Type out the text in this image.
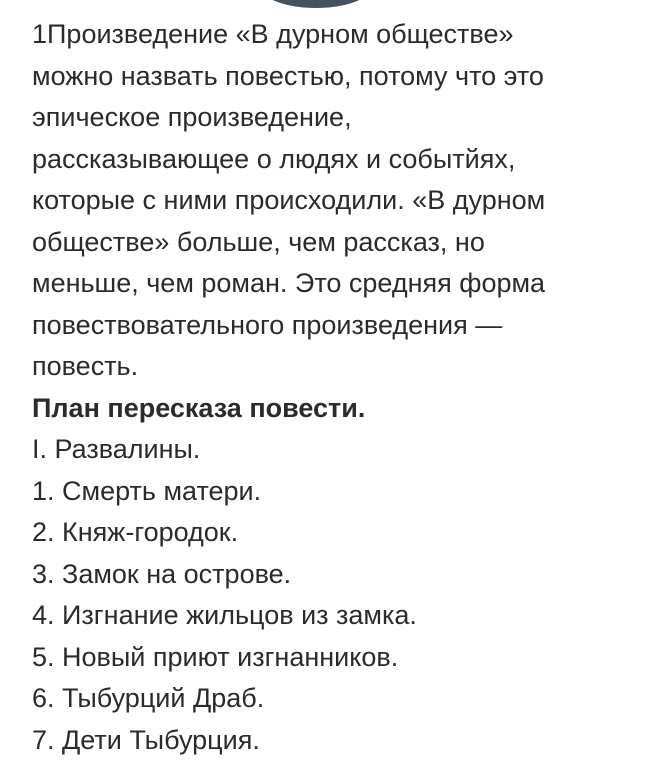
1Произведение «В дурном обществе»
можно назвать повестью, потому что это
эпическое произведение,
рассказывающее о людях и событйях,
которые с ними происходили. «В дурном
обществе» больше, чем рассказ, но
меньше, чем роман. Это средняя форма
повествовательного произведения —
повесть.

План пересказа повести.

I. Развалины.
1. Смерть матери.
2. Княж-городок.
3. Замок на острове.
4. Изгнание жильцов из замка.
5. Новый приют изгнанников.
6. Тыбурций Драб.
7. Дети Тыбурция.
